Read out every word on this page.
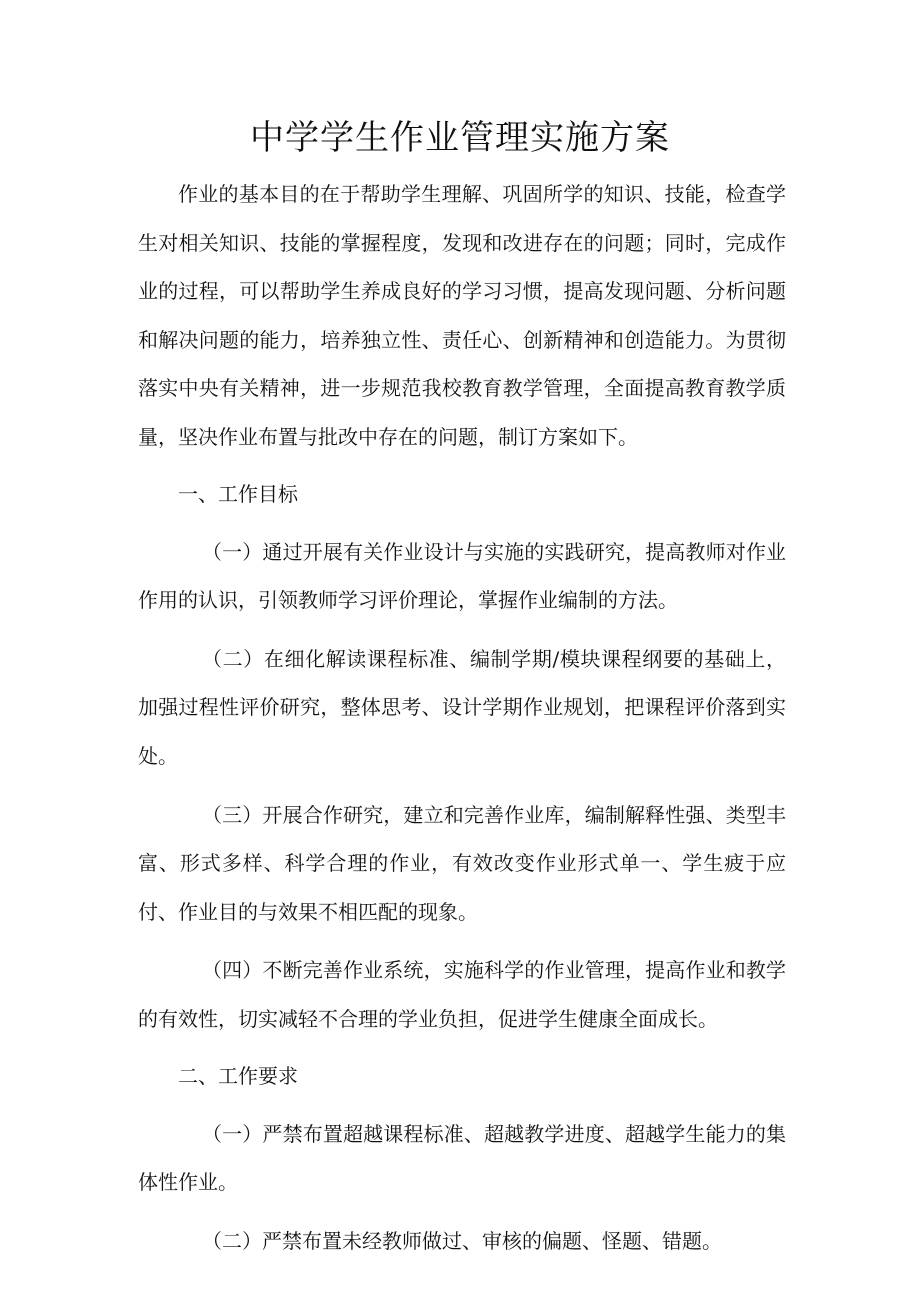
中学学生作业管理实施方案

作业的基本目的在于帮助学生理解、巩固所学的知识、技能，检查学生对相关知识、技能的掌握程度，发现和改进存在的问题；同时，完成作业的过程，可以帮助学生养成良好的学习习惯，提高发现问题、分析问题和解决问题的能力，培养独立性、责任心、创新精神和创造能力。为贯彻落实中央有关精神，进一步规范我校教育教学管理，全面提高教育教学质量，坚决作业布置与批改中存在的问题，制订方案如下。

一、工作目标

（一）通过开展有关作业设计与实施的实践研究，提高教师对作业作用的认识，引领教师学习评价理论，掌握作业编制的方法。

（二）在细化解读课程标准、编制学期/模块课程纲要的基础上，加强过程性评价研究，整体思考、设计学期作业规划，把课程评价落到实处。

（三）开展合作研究，建立和完善作业库，编制解释性强、类型丰富、形式多样、科学合理的作业，有效改变作业形式单一、学生疲于应付、作业目的与效果不相匹配的现象。

（四）不断完善作业系统，实施科学的作业管理，提高作业和教学的有效性，切实减轻不合理的学业负担，促进学生健康全面成长。

二、工作要求

（一）严禁布置超越课程标准、超越教学进度、超越学生能力的集体性作业。

（二）严禁布置未经教师做过、审核的偏题、怪题、错题。
